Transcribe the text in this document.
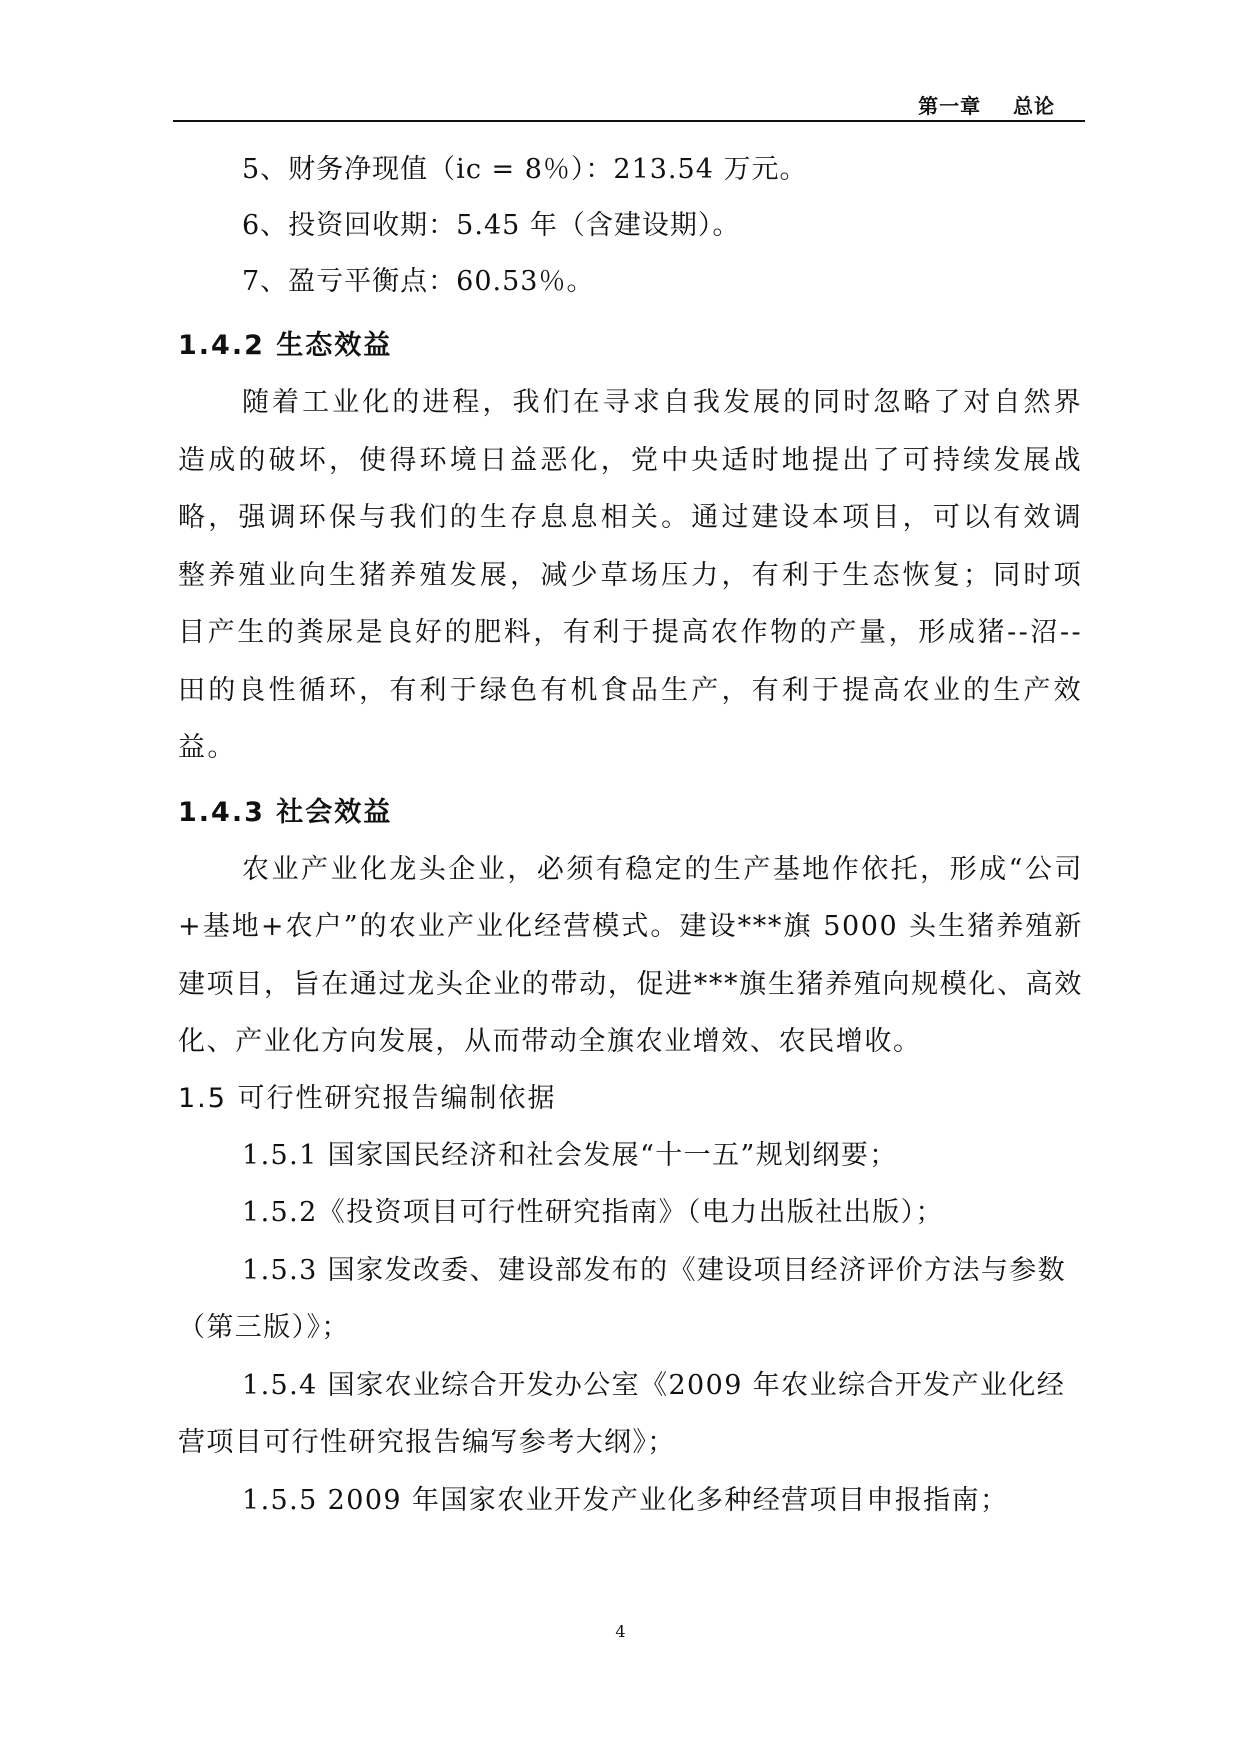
第一章    总论
5、财务净现值（ic = 8％）：213.54 万元。
6、投资回收期：5.45 年（含建设期）。
7、盈亏平衡点：60.53％。
1.4.2 生态效益

随着工业化的进程，我们在寻求自我发展的同时忽略了对自然界造成的破坏，使得环境日益恶化，党中央适时地提出了可持续发展战略，强调环保与我们的生存息息相关。通过建设本项目，可以有效调整养殖业向生猪养殖发展，减少草场压力，有利于生态恢复；同时项目产生的粪尿是良好的肥料，有利于提高农作物的产量，形成猪--沼--田的良性循环，有利于绿色有机食品生产，有利于提高农业的生产效益。

1.4.3 社会效益

农业产业化龙头企业，必须有稳定的生产基地作依托，形成“公司+基地+农户”的农业产业化经营模式。建设***旗 5000 头生猪养殖新建项目，旨在通过龙头企业的带动，促进***旗生猪养殖向规模化、高效化、产业化方向发展，从而带动全旗农业增效、农民增收。

1.5 可行性研究报告编制依据

1.5.1 国家国民经济和社会发展“十一五”规划纲要；

1.5.2《投资项目可行性研究指南》（电力出版社出版）；

1.5.3 国家发改委、建设部发布的《建设项目经济评价方法与参数（第三版）》；

1.5.4 国家农业综合开发办公室《2009 年农业综合开发产业化经营项目可行性研究报告编写参考大纲》；

1.5.5 2009 年国家农业开发产业化多种经营项目申报指南；

4
